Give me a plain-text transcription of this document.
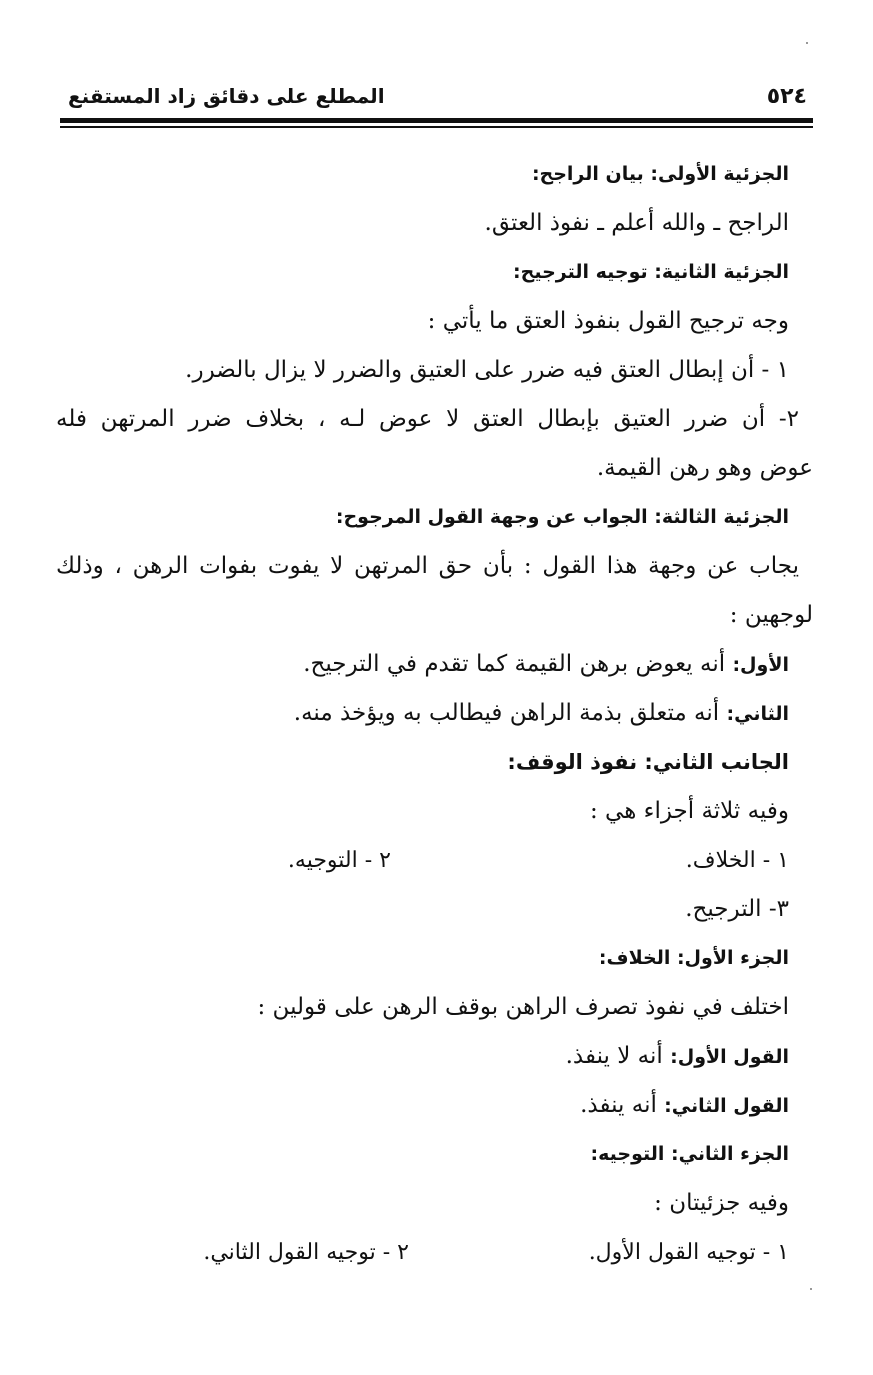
٥٢٤
المطلع على دقائق زاد المستقنع
الجزئية الأولى: بيان الراجح:
الراجح ـ والله أعلم ـ نفوذ العتق.
الجزئية الثانية: توجيه الترجيح:
وجه ترجيح القول بنفوذ العتق ما يأتي :
١ - أن إبطال العتق فيه ضرر على العتيق والضرر لا يزال بالضرر.
٢- أن ضرر العتيق بإبطال العتق لا عوض لـه ، بخلاف ضرر المرتهن فله
عوض وهو رهن القيمة.
الجزئية الثالثة: الجواب عن وجهة القول المرجوح:
يجاب عن وجهة هذا القول : بأن حق المرتهن لا يفوت بفوات الرهن ، وذلك
لوجهين :
الأول: أنه يعوض برهن القيمة كما تقدم في الترجيح.
الثاني: أنه متعلق بذمة الراهن فيطالب به ويؤخذ منه.
الجانب الثاني: نفوذ الوقف:
وفيه ثلاثة أجزاء هي :
١ - الخلاف.
٢ - التوجيه.
٣- الترجيح.
الجزء الأول: الخلاف:
اختلف في نفوذ تصرف الراهن بوقف الرهن على قولين :
القول الأول: أنه لا ينفذ.
القول الثاني: أنه ينفذ.
الجزء الثاني: التوجيه:
وفيه جزئيتان :
١ - توجيه القول الأول.
٢ - توجيه القول الثاني.
